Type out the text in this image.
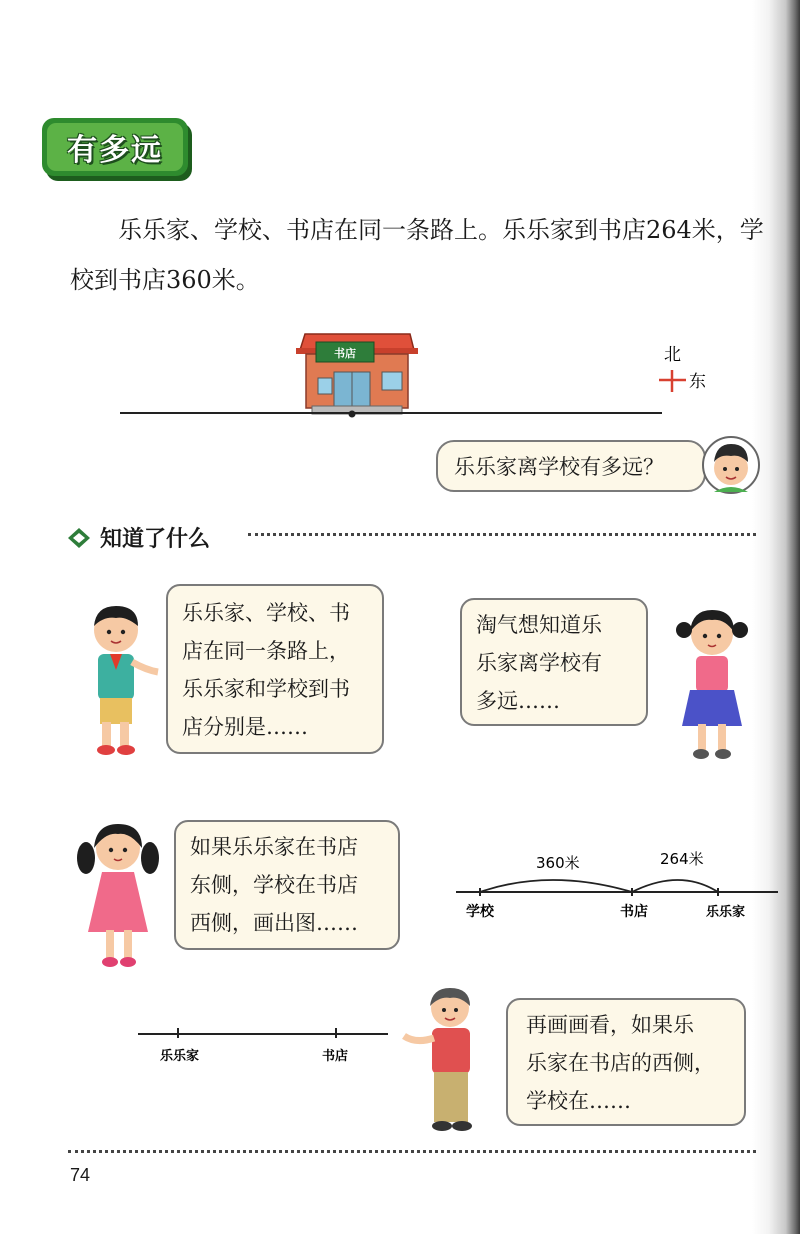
有多远
乐乐家、学校、书店在同一条路上。乐乐家到书店264米，学校到书店360米。
书店	北
东
乐乐家离学校有多远？
知道了什么
乐乐家、学校、书
店在同一条路上，
乐乐家和学校到书
店分别是……
淘气想知道乐
乐家离学校有
多远……
如果乐乐家在书店
东侧，学校在书店
西侧，画出图……
360米	264米
学校	书店	乐乐家
乐乐家	书店
再画画看，如果乐
乐家在书店的西侧，
学校在……
74
